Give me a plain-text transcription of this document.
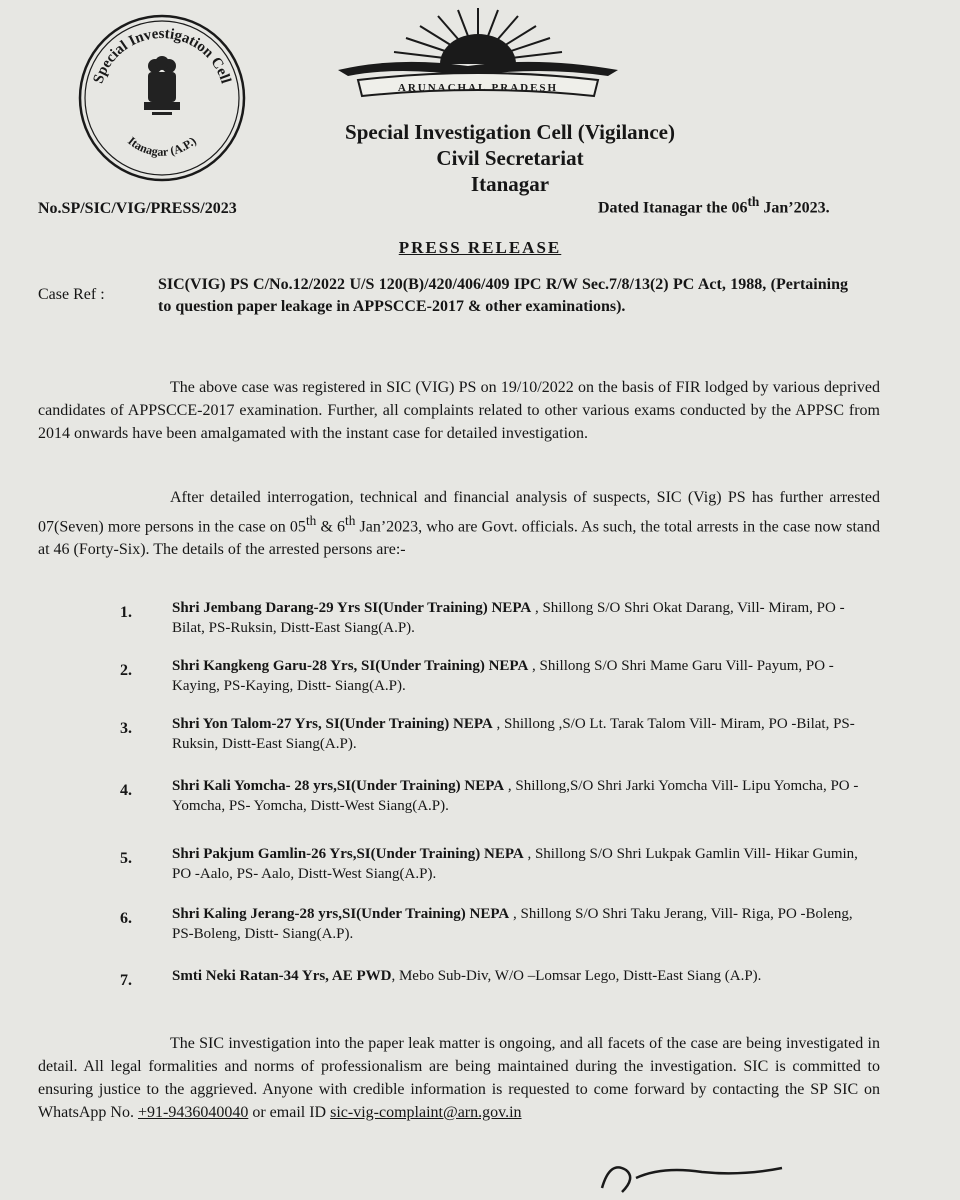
Special Investigation Cell
Itanagar (A.P.)
ARUNACHAL PRADESH
Special Investigation Cell (Vigilance)
Civil Secretariat
Itanagar
No.SP/SIC/VIG/PRESS/2023	Dated Itanagar the 06th Jan’2023.
PRESS RELEASE
Case Ref :
SIC(VIG) PS C/No.12/2022 U/S 120(B)/420/406/409 IPC R/W Sec.7/8/13(2) PC Act, 1988, (Pertaining to question paper leakage in APPSCCE-2017 & other examinations).
The above case was registered in SIC (VIG) PS on 19/10/2022 on the basis of FIR lodged by various deprived candidates of APPSCCE-2017 examination. Further, all complaints related to other various exams conducted by the APPSC from 2014 onwards have been amalgamated with the instant case for detailed investigation.
After detailed interrogation, technical and financial analysis of suspects, SIC (Vig) PS has further arrested 07(Seven) more persons in the case on 05th & 6th Jan’2023, who are Govt. officials. As such, the total arrests in the case now stand at 46 (Forty-Six). The details of the arrested persons are:-
1.	Shri Jembang Darang-29 Yrs SI(Under Training) NEPA , Shillong S/O Shri Okat Darang, Vill- Miram, PO -Bilat, PS-Ruksin, Distt-East Siang(A.P).
2.	Shri Kangkeng Garu-28 Yrs, SI(Under Training) NEPA , Shillong S/O Shri Mame Garu Vill- Payum, PO -Kaying, PS-Kaying, Distt- Siang(A.P).
3.	Shri Yon Talom-27 Yrs, SI(Under Training) NEPA , Shillong ,S/O Lt. Tarak Talom Vill- Miram, PO -Bilat, PS-Ruksin, Distt-East Siang(A.P).
4.	Shri Kali Yomcha- 28 yrs,SI(Under Training) NEPA , Shillong,S/O Shri Jarki Yomcha Vill- Lipu Yomcha, PO -Yomcha, PS- Yomcha, Distt-West Siang(A.P).
5.	Shri Pakjum Gamlin-26 Yrs,SI(Under Training) NEPA , Shillong S/O Shri Lukpak Gamlin Vill- Hikar Gumin, PO -Aalo, PS- Aalo, Distt-West Siang(A.P).
6.	Shri Kaling Jerang-28 yrs,SI(Under Training) NEPA , Shillong S/O Shri Taku Jerang, Vill- Riga, PO -Boleng, PS-Boleng, Distt- Siang(A.P).
7.	Smti Neki Ratan-34 Yrs, AE PWD, Mebo Sub-Div, W/O –Lomsar Lego, Distt-East Siang (A.P).
The SIC investigation into the paper leak matter is ongoing, and all facets of the case are being investigated in detail. All legal formalities and norms of professionalism are being maintained during the investigation. SIC is committed to ensuring justice to the aggrieved. Anyone with credible information is requested to come forward by contacting the SP SIC on WhatsApp No. +91-9436040040 or email ID sic-vig-complaint@arn.gov.in
